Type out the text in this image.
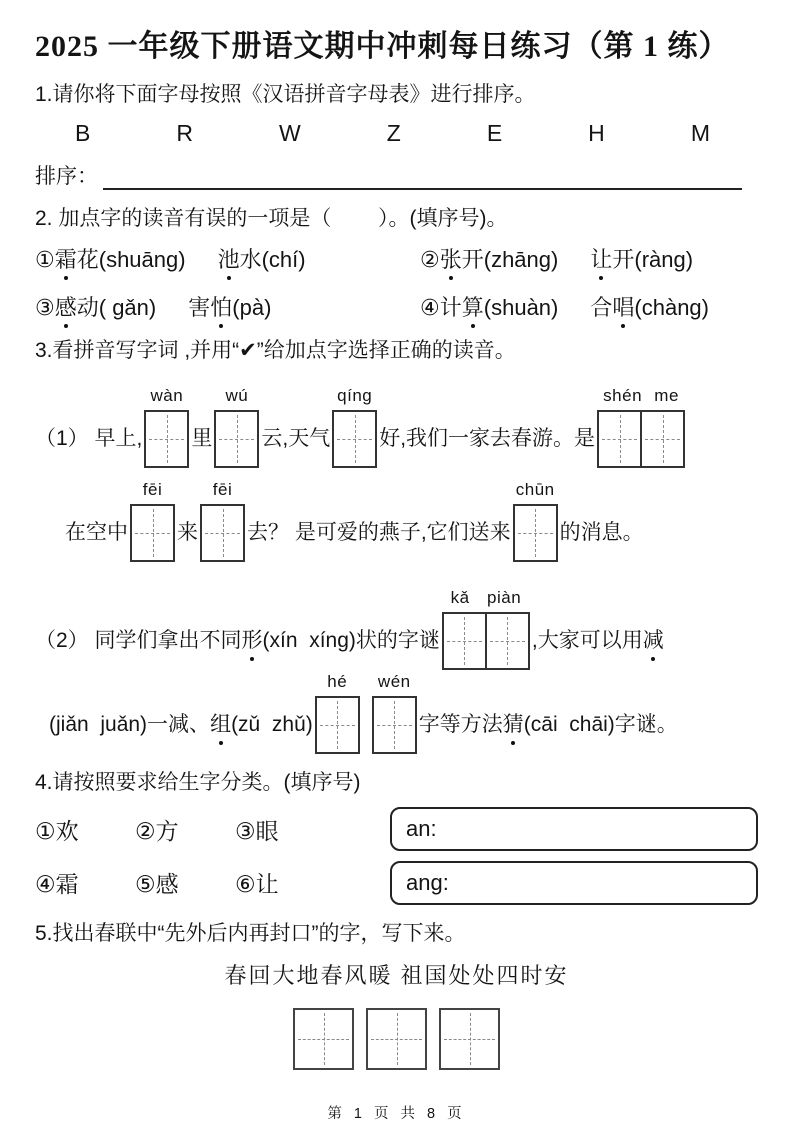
2025 一年级下册语文期中冲刺每日练习（第 1 练）
1.请你将下面字母按照《汉语拼音字母表》进行排序。
B	R	W	Z	E	H	M
排序：
2. 加点字的读音有误的一项是（        ）。(填序号)。
① 霜花(shuāng) 池水(chí)	② 张开(zhāng) 让开(ràng)
③ 感动( gǎn) 害怕(pà)	④ 计算(shuàn) 合唱(chàng)
3.看拼音写字词 ,并用“✔”给加点字选择正确的读音。
（1） 早上,
wàn
里
wú
云,天气
qíng
好,我们一家去春游。是
shén me
在空中
fēi
来
fēi
去？ 是可爱的燕子,它们送来
chūn
的消息。
（2） 同学们拿出不同 形 (xín  xíng)状的字谜
kǎ piàn
,大家可以用 减
(jiǎn  juǎn)一减、 组 (zǔ  zhǔ)
hé	wén
字等方法 猜 (cāi  chāi)字谜。
4.请按照要求给生字分类。(填序号)
①欢	②方	③眼
④霜	⑤感	⑥让
an:
ang:
5.找出春联中“先外后内再封口”的字，写下来。
春回大地春风暖 祖国处处四时安
第 1 页 共 8 页
